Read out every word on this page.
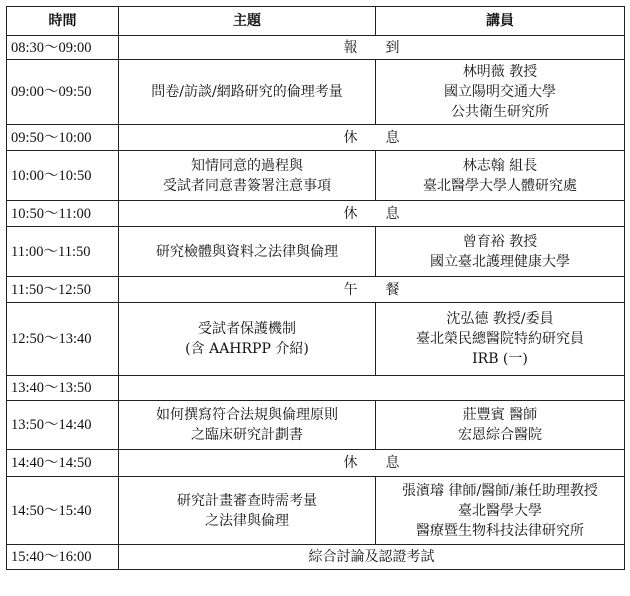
時間	主題	講員
08:30～09:00	報　　到	
09:00～09:50	問卷/訪談/網路研究的倫理考量	林明薇 教授
國立陽明交通大學
公共衛生研究所

09:50～10:00	休　　息	
10:00～10:50	知情同意的過程與
受試者同意書簽署注意事項	林志翰 組長
臺北醫學大學人體研究處

10:50～11:00	休　　息	
11:00～11:50	研究檢體與資料之法律與倫理	曾育裕 教授
國立臺北護理健康大學

11:50～12:50	午　　餐	
12:50～13:40	受試者保護機制
(含 AAHRPP 介紹)	沈弘德 教授/委員
臺北榮民總醫院特約研究員
IRB (一)

13:40～13:50		
13:50～14:40	如何撰寫符合法規與倫理原則
之臨床研究計劃書	莊豐賓 醫師
宏恩綜合醫院

14:40～14:50	休　　息	
14:50～15:40	研究計畫審查時需考量
之法律與倫理	張濱璿 律師/醫師/兼任助理教授
臺北醫學大學
醫療暨生物科技法律研究所

15:40～16:00	綜合討論及認證考試	
